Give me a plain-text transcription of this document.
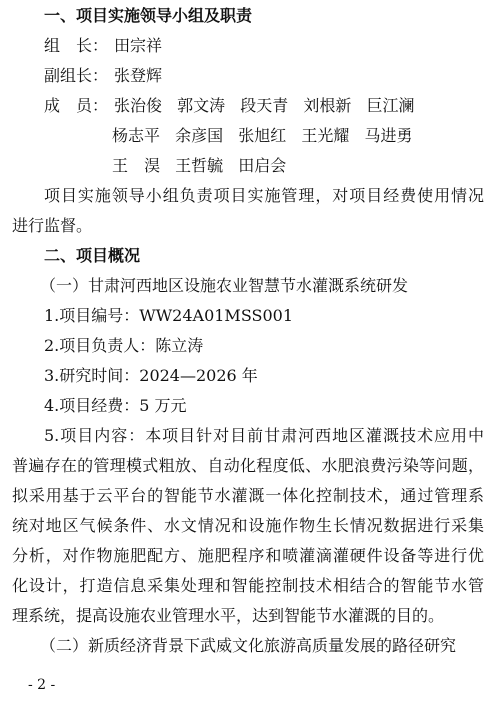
一、项目实施领导小组及职责
组　长： 田宗祥
副组长： 张登辉
成　员： 张治俊 郭文涛 段天青 刘根新 巨江澜
杨志平 余彦国 张旭红 王光耀 马进勇
王　淏 王哲毓 田启会
项目实施领导小组负责项目实施管理，对项目经费使用情况
进行监督。
二、项目概况
（一）甘肃河西地区设施农业智慧节水灌溉系统研发
1.项目编号：WW24A01MSS001
2.项目负责人：陈立涛
3.研究时间：2024—2026 年
4.项目经费：5 万元
5.项目内容：本项目针对目前甘肃河西地区灌溉技术应用中
普遍存在的管理模式粗放、自动化程度低、水肥浪费污染等问题，
拟采用基于云平台的智能节水灌溉一体化控制技术，通过管理系
统对地区气候条件、水文情况和设施作物生长情况数据进行采集
分析，对作物施肥配方、施肥程序和喷灌滴灌硬件设备等进行优
化设计，打造信息采集处理和智能控制技术相结合的智能节水管
理系统，提高设施农业管理水平，达到智能节水灌溉的目的。
（二）新质经济背景下武威文化旅游高质量发展的路径研究
- 2 -
